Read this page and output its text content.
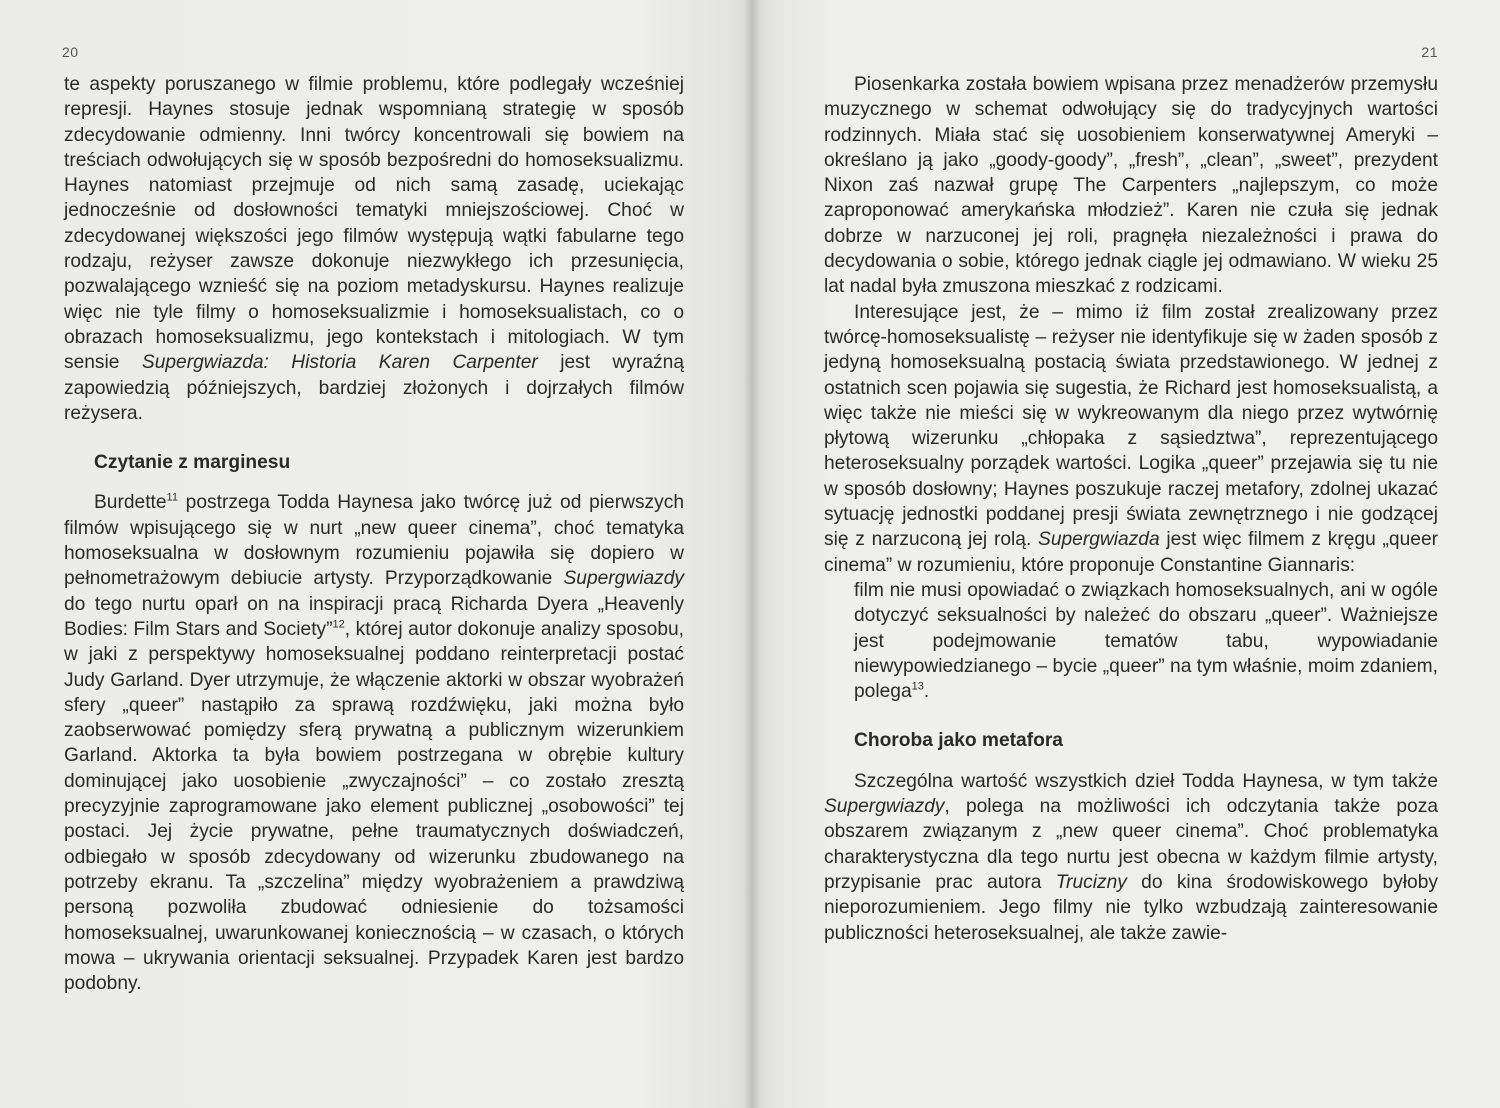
20

te aspekty poruszanego w filmie problemu, które podlegały wcześniej represji. Haynes stosuje jednak wspomnianą strategię w sposób zdecydowanie odmienny. Inni twórcy koncentrowali się bowiem na treściach odwołujących się w sposób bezpośredni do homoseksualizmu. Haynes natomiast przejmuje od nich samą zasadę, uciekając jednocześnie od dosłowności tematyki mniejszościowej. Choć w zdecydowanej większości jego filmów występują wątki fabularne tego rodzaju, reżyser zawsze dokonuje niezwykłego ich przesunięcia, pozwalającego wznieść się na poziom metadyskursu. Haynes realizuje więc nie tyle filmy o homoseksualizmie i homoseksualistach, co o obrazach homoseksualizmu, jego kontekstach i mitologiach. W tym sensie Supergwiazda: Historia Karen Carpenter jest wyraźną zapowiedzią późniejszych, bardziej złożonych i dojrzałych filmów reżysera.

Czytanie z marginesu

Burdette$^{11}$ postrzega Todda Haynesa jako twórcę już od pierwszych filmów wpisującego się w nurt „new queer cinema”, choć tematyka homoseksualna w dosłownym rozumieniu pojawiła się dopiero w pełnometrażowym debiucie artysty. Przyporządkowanie Supergwiazdy do tego nurtu oparł on na inspiracji pracą Richarda Dyera „Heavenly Bodies: Film Stars and Society”$^{12}$, której autor dokonuje analizy sposobu, w jaki z perspektywy homoseksualnej poddano reinterpretacji postać Judy Garland. Dyer utrzymuje, że włączenie aktorki w obszar wyobrażeń sfery „queer” nastąpiło za sprawą rozdźwięku, jaki można było zaobserwować pomiędzy sferą prywatną a publicznym wizerunkiem Garland. Aktorka ta była bowiem postrzegana w obrębie kultury dominującej jako uosobienie „zwyczajności” – co zostało zresztą precyzyjnie zaprogramowane jako element publicznej „osobowości” tej postaci. Jej życie prywatne, pełne traumatycznych doświadczeń, odbiegało w sposób zdecydowany od wizerunku zbudowanego na potrzeby ekranu. Ta „szczelina” między wyobrażeniem a prawdziwą personą pozwoliła zbudować odniesienie do tożsamości homoseksualnej, uwarunkowanej koniecznością – w czasach, o których mowa – ukrywania orientacji seksualnej. Przypadek Karen jest bardzo podobny.

21

Piosenkarka została bowiem wpisana przez menadżerów przemysłu muzycznego w schemat odwołujący się do tradycyjnych wartości rodzinnych. Miała stać się uosobieniem konserwatywnej Ameryki – określano ją jako „goody-goody”, „fresh”, „clean”, „sweet”, prezydent Nixon zaś nazwał grupę The Carpenters „najlepszym, co może zaproponować amerykańska młodzież”. Karen nie czuła się jednak dobrze w narzuconej jej roli, pragnęła niezależności i prawa do decydowania o sobie, którego jednak ciągle jej odmawiano. W wieku 25 lat nadal była zmuszona mieszkać z rodzicami.

Interesujące jest, że – mimo iż film został zrealizowany przez twórcę-homoseksualistę – reżyser nie identyfikuje się w żaden sposób z jedyną homoseksualną postacią świata przedstawionego. W jednej z ostatnich scen pojawia się sugestia, że Richard jest homoseksualistą, a więc także nie mieści się w wykreowanym dla niego przez wytwórnię płytową wizerunku „chłopaka z sąsiedztwa”, reprezentującego heteroseksualny porządek wartości. Logika „queer” przejawia się tu nie w sposób dosłowny; Haynes poszukuje raczej metafory, zdolnej ukazać sytuację jednostki poddanej presji świata zewnętrznego i nie godzącej się z narzuconą jej rolą. Supergwiazda jest więc filmem z kręgu „queer cinema” w rozumieniu, które proponuje Constantine Giannaris:

film nie musi opowiadać o związkach homoseksualnych, ani w ogóle dotyczyć seksualności by należeć do obszaru „queer”. Ważniejsze jest podejmowanie tematów tabu, wypowiadanie niewypowiedzianego – bycie „queer” na tym właśnie, moim zdaniem, polega$^{13}$.

Choroba jako metafora

Szczególna wartość wszystkich dzieł Todda Haynesa, w tym także Supergwiazdy, polega na możliwości ich odczytania także poza obszarem związanym z „new queer cinema”. Choć problematyka charakterystyczna dla tego nurtu jest obecna w każdym filmie artysty, przypisanie prac autora Trucizny do kina środowiskowego byłoby nieporozumieniem. Jego filmy nie tylko wzbudzają zainteresowanie publiczności heteroseksualnej, ale także zawie-
